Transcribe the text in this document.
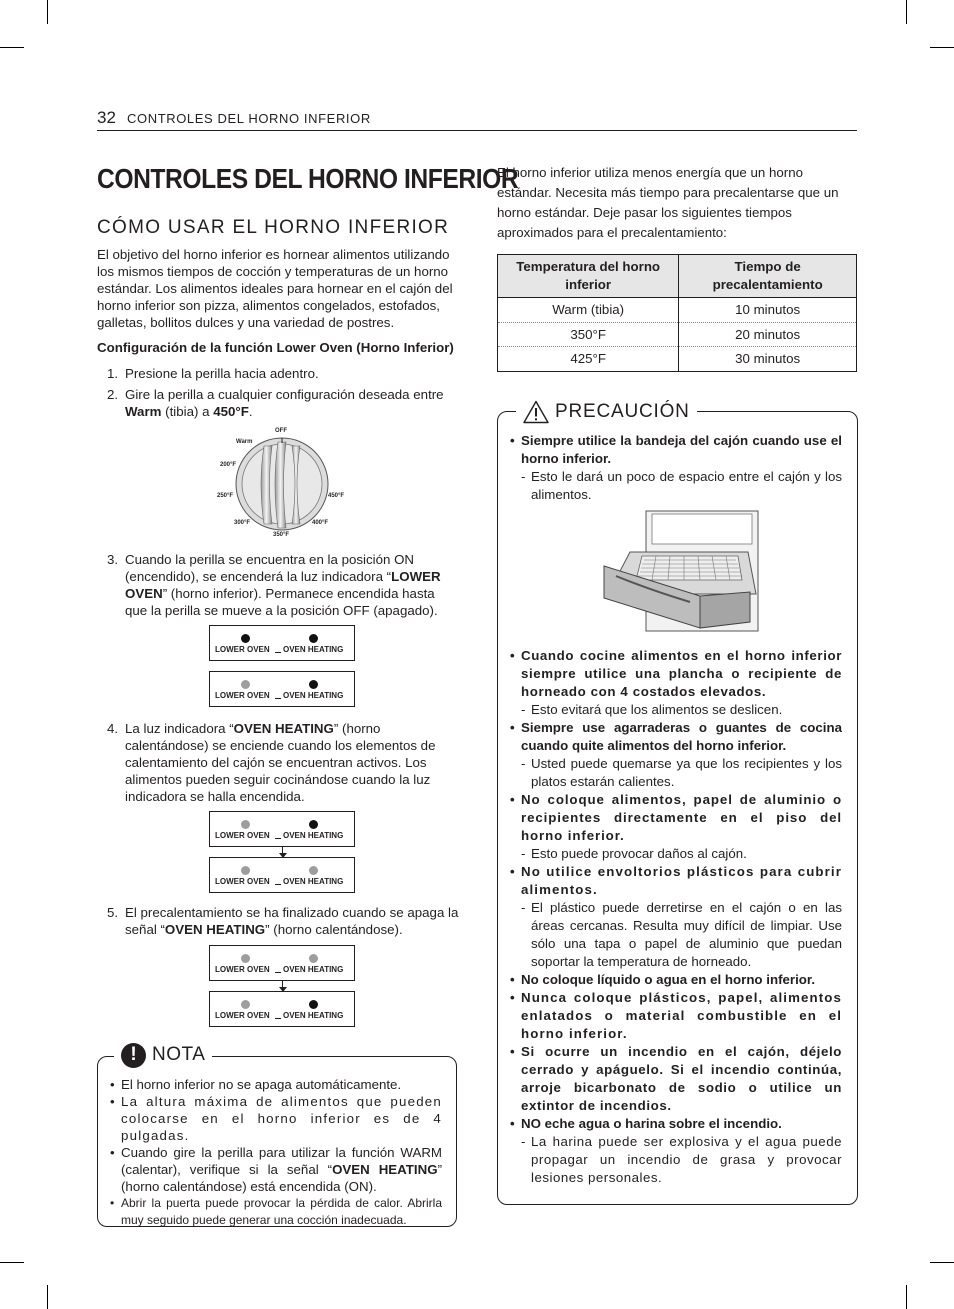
32 CONTROLES DEL HORNO INFERIOR
CONTROLES DEL HORNO INFERIOR
CÓMO USAR EL HORNO INFERIOR

El objetivo del horno inferior es hornear alimentos utilizando los mismos tiempos de cocción y temperaturas de un horno estándar. Los alimentos ideales para hornear en el cajón del horno inferior son pizza, alimentos congelados, estofados, galletas, bollitos dulces y una variedad de postres.

Configuración de la función Lower Oven (Horno Inferior)

1. Presione la perilla hacia adentro.
2. Gire la perilla a cualquier configuración deseada entre Warm (tibia) a 450°F.
OFF
Warm
200°F
250°F
300°F
350°F
400°F
450°F
3. Cuando la perilla se encuentra en la posición ON (encendido), se encenderá la luz indicadora “LOWER OVEN” (horno inferior). Permanece encendida hasta que la perilla se mueve a la posición OFF (apagado).
LOWER OVEN OVEN HEATING
LOWER OVEN OVEN HEATING
4. La luz indicadora “OVEN HEATING” (horno calentándose) se enciende cuando los elementos de calentamiento del cajón se encuentran activos. Los alimentos pueden seguir cocinándose cuando la luz indicadora se halla encendida.
LOWER OVEN OVEN HEATING
LOWER OVEN OVEN HEATING
5. El precalentamiento se ha finalizado cuando se apaga la señal “OVEN HEATING” (horno calentándose).
LOWER OVEN OVEN HEATING
LOWER OVEN OVEN HEATING
! NOTA
• El horno inferior no se apaga automáticamente.
• La altura máxima de alimentos que pueden colocarse en el horno inferior es de 4 pulgadas.
• Cuando gire la perilla para utilizar la función WARM (calentar), verifique si la señal “OVEN HEATING” (horno calentándose) está encendida (ON).
• Abrir la puerta puede provocar la pérdida de calor. Abrirla muy seguido puede generar una cocción inadecuada.

El horno inferior utiliza menos energía que un horno estándar. Necesita más tiempo para precalentarse que un horno estándar. Deje pasar los siguientes tiempos aproximados para el precalentamiento:

Temperatura del horno inferior	Tiempo de precalentamiento
Warm (tibia)	10 minutos
350°F	20 minutos
425°F	30 minutos
PRECAUCIÓN
• Siempre utilice la bandeja del cajón cuando use el horno inferior.
- Esto le dará un poco de espacio entre el cajón y los alimentos.
• Cuando cocine alimentos en el horno inferior siempre utilice una plancha o recipiente de horneado con 4 costados elevados.
- Esto evitará que los alimentos se deslicen.
• Siempre use agarraderas o guantes de cocina cuando quite alimentos del horno inferior.
- Usted puede quemarse ya que los recipientes y los platos estarán calientes.
• No coloque alimentos, papel de aluminio o recipientes directamente en el piso del horno inferior.
- Esto puede provocar daños al cajón.
• No utilice envoltorios plásticos para cubrir alimentos.
- El plástico puede derretirse en el cajón o en las áreas cercanas. Resulta muy difícil de limpiar. Use sólo una tapa o papel de aluminio que puedan soportar la temperatura de horneado.
• No coloque líquido o agua en el horno inferior.
• Nunca coloque plásticos, papel, alimentos enlatados o material combustible en el horno inferior.
• Si ocurre un incendio en el cajón, déjelo cerrado y apáguelo. Si el incendio continúa, arroje bicarbonato de sodio o utilice un extintor de incendios.
• NO eche agua o harina sobre el incendio.
- La harina puede ser explosiva y el agua puede propagar un incendio de grasa y provocar lesiones personales.
